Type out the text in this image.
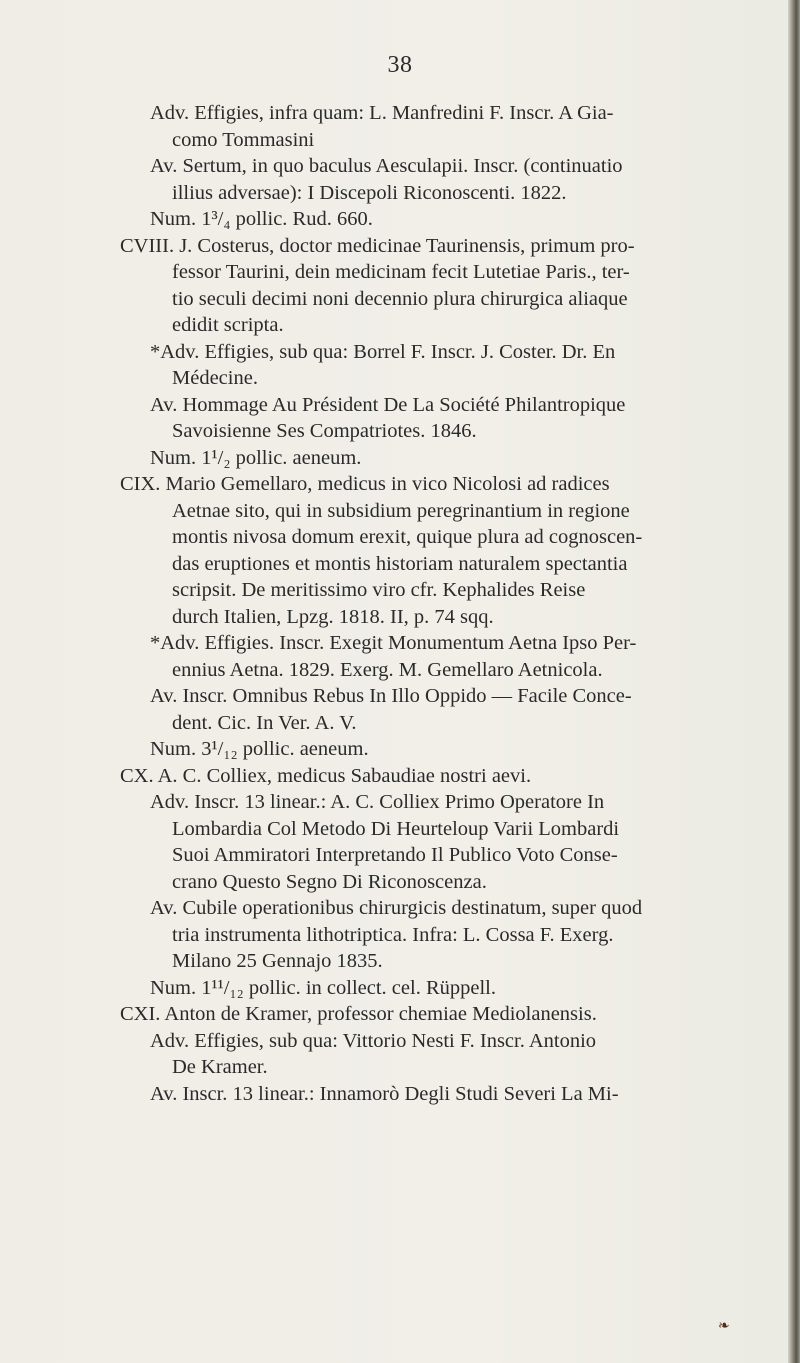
38
Adv. Effigies, infra quam: L. Manfredini F. Inscr. A Gia-
como Tommasini
Av. Sertum, in quo baculus Aesculapii. Inscr. (continuatio
illius adversae): I Discepoli Riconoscenti. 1822.
Num. 1³/₄ pollic. Rud. 660.
CVIII. J. Costerus, doctor medicinae Taurinensis, primum pro-
fessor Taurini, dein medicinam fecit Lutetiae Paris., ter-
tio seculi decimi noni decennio plura chirurgica aliaque
edidit scripta.
*Adv. Effigies, sub qua: Borrel F. Inscr. J. Coster. Dr. En
Médecine.
Av. Hommage Au Président De La Société Philantropique
Savoisienne Ses Compatriotes. 1846.
Num. 1¹/₂ pollic. aeneum.
CIX. Mario Gemellaro, medicus in vico Nicolosi ad radices
Aetnae sito, qui in subsidium peregrinantium in regione
montis nivosa domum erexit, quique plura ad cognoscen-
das eruptiones et montis historiam naturalem spectantia
scripsit. De meritissimo viro cfr. Kephalides Reise
durch Italien, Lpzg. 1818. II, p. 74 sqq.
*Adv. Effigies. Inscr. Exegit Monumentum Aetna Ipso Per-
ennius Aetna. 1829. Exerg. M. Gemellaro Aetnicola.
Av. Inscr. Omnibus Rebus In Illo Oppido — Facile Conce-
dent. Cic. In Ver. A. V.
Num. 3¹/₁₂ pollic. aeneum.
CX. A. C. Colliex, medicus Sabaudiae nostri aevi.
Adv. Inscr. 13 linear.: A. C. Colliex Primo Operatore In
Lombardia Col Metodo Di Heurteloup Varii Lombardi
Suoi Ammiratori Interpretando Il Publico Voto Conse-
crano Questo Segno Di Riconoscenza.
Av. Cubile operationibus chirurgicis destinatum, super quod
tria instrumenta lithotriptica. Infra: L. Cossa F. Exerg.
Milano 25 Gennajo 1835.
Num. 1¹¹/₁₂ pollic. in collect. cel. Rüppell.
CXI. Anton de Kramer, professor chemiae Mediolanensis.
Adv. Effigies, sub qua: Vittorio Nesti F. Inscr. Antonio
De Kramer.
Av. Inscr. 13 linear.: Innamorò Degli Studi Severi La Mi-
❧
